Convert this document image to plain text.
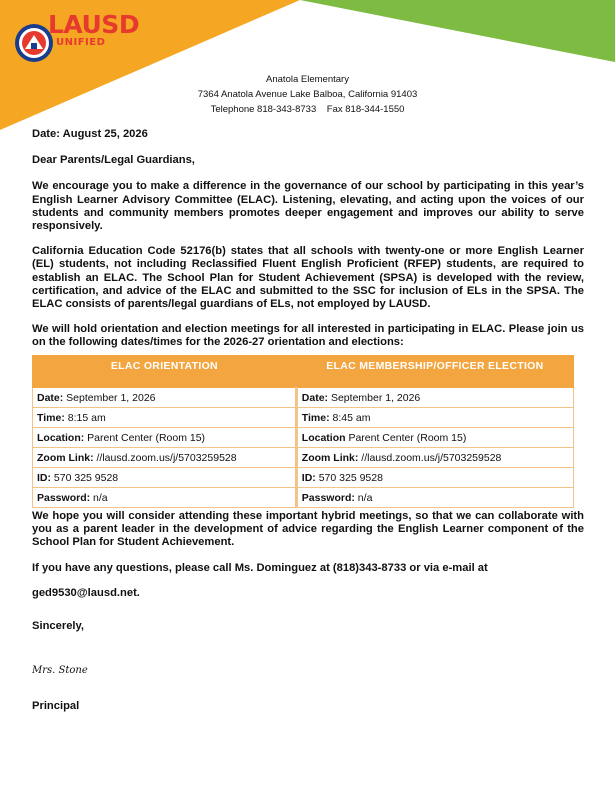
LAUSD
UNIFIED
Anatola Elementary
7364 Anatola Avenue Lake Balboa, California 91403
Telephone 818-343-8733    Fax 818-344-1550

Date: August 25, 2026

Dear Parents/Legal Guardians,

We encourage you to make a difference in the governance of our school by participating in this year’s English Learner Advisory Committee (ELAC). Listening, elevating, and acting upon the voices of our students and community members promotes deeper engagement and improves our ability to serve responsively.

California Education Code 52176(b) states that all schools with twenty-one or more English Learner (EL) students, not including Reclassified Fluent English Proficient (RFEP) students, are required to establish an ELAC. The School Plan for Student Achievement (SPSA) is developed with the review, certification, and advice of the ELAC and submitted to the SSC for inclusion of ELs in the SPSA. The ELAC consists of parents/legal guardians of ELs, not employed by LAUSD.

We will hold orientation and election meetings for all interested in participating in ELAC. Please join us on the following dates/times for the 2026-27 orientation and elections:

ELAC ORIENTATION	ELAC MEMBERSHIP/OFFICER ELECTION
Date: September 1, 2026	Date: September 1, 2026
Time: 8:15 am	Time: 8:45 am
Location: Parent Center (Room 15)	Location Parent Center (Room 15)
Zoom Link: //lausd.zoom.us/j/5703259528	Zoom Link: //lausd.zoom.us/j/5703259528
ID: 570 325 9528	ID: 570 325 9528
Password: n/a	Password: n/a

We hope you will consider attending these important hybrid meetings, so that we can collaborate with you as a parent leader in the development of advice regarding the English Learner component of the School Plan for Student Achievement.

If you have any questions, please call Ms. Dominguez at (818)343-8733 or via e-mail at

ged9530@lausd.net.

Sincerely,

Mrs. Stone

Principal
